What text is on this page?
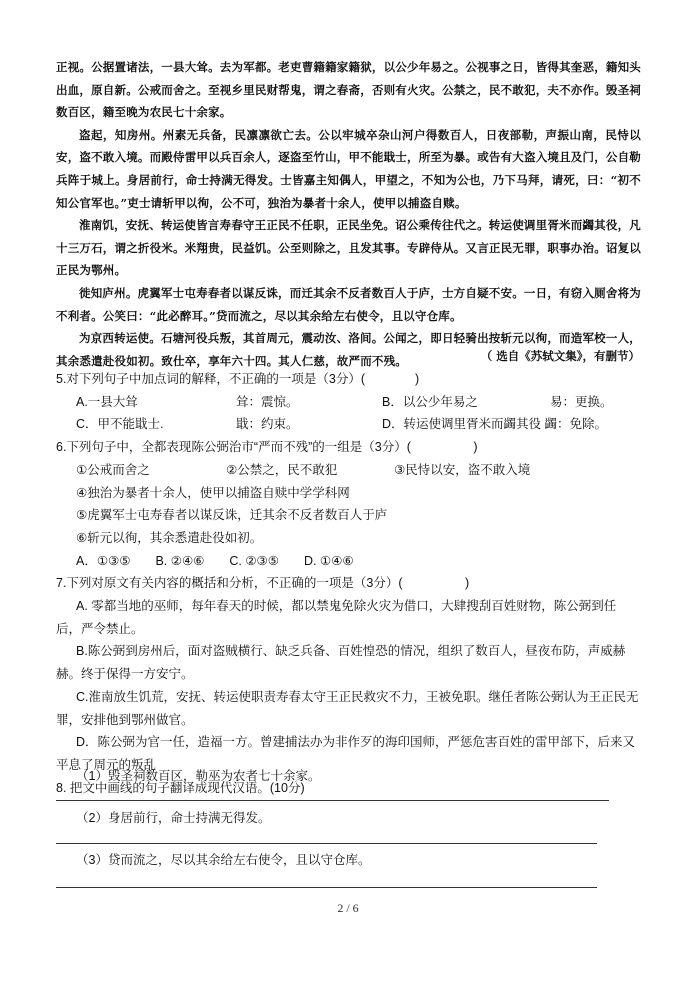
正视。公据置诸法，一县大耸。去为军都。老吏曹籍籍家籍狱，以公少年易之。公视事之日，皆得其奎恶，籍知头出血，原自新。公戒而舍之。至视乡里民财帮鬼，谓之春斋，否则有火灾。公禁之，民不敢犯，夫不亦作。毁圣祠数百区，籍至晚为农民七十余家。

盗起，知房州。州素无兵备，民凛凛欲亡去。公以牢城卒杂山河户得数百人，日夜部勒，声振山南，民恃以安，盗不敢入境。而殿侍雷甲以兵百余人，逐盗至竹山，甲不能戢士，所至为暴。或告有大盗入境且及门，公自勒兵阵于城上。身居前行，命士持满无得发。士皆嘉主知偶人，甲望之，不知为公也，乃下马拜，请死，曰：“初不知公官军也。”吏士请斩甲以徇，公不可，独治为暴者十余人，使甲以捕盗自赎。

淮南饥，安抚、转运使皆言寿春守王正民不任职，正民坐免。诏公乘传往代之。转运使调里胥米而蠲其役，凡十三万石，谓之折役米。米翔贵，民益饥。公至则除之，且发其事。专辟侍从。又言正民无罪，职事办治。诏复以正民为鄂州。

徙知庐州。虎翼军士屯寿春者以谋反诛，而迁其余不反者数百人于庐，士方自疑不安。一日，有窃入厕舍将为不利者。公笑曰：“此必醉耳。”贷而流之，尽以其余给左右使令，且以守仓库。

为京西转运使。石塘河役兵叛，其首周元，震动汝、洛间。公闻之，即日轻骑出按斩元以徇，而造军校一人，其余悉遣赴役如初。致仕卒，享年六十四。其人仁慈，故严而不残。	（ 选自《苏轼文集》，有删节）

5.对下列句子中加点词的解释，不正确的一项是（3分）(　　　　)

A.一县大耸	耸：震惊。	B．以公少年易之	易：更换。

C．甲不能戢士.	戢：约束。	D．转运使调里胥米而蠲其役 蠲：免除。

6.下列句子中，全都表现陈公弼治市“严而不残”的一组是（3分）(　　　　　)

①公戒而舍之	②公禁之，民不敢犯	③民恃以安，盗不敢入境

④独治为暴者十余人，使甲以捕盗自赎中学学科网

⑤虎翼军士屯寿春者以谋反诛，迁其余不反者数百人于庐

⑥斩元以徇，其余悉遣赴役如初。

A．①③⑤　　B. ②④⑥　　C. ②③⑤　　D. ①④⑥

7.下列对原文有关内容的概括和分析，不正确的一项是（3分）(　　　　　)

A. 零都当地的巫师，每年春天的时候，都以禁鬼免除火灾为借口，大肆搜刮百姓财物，陈公弼到任后，严令禁止。

B.陈公弼到房州后，面对盗贼横行、缺乏兵备、百姓惶恐的情况，组织了数百人，昼夜布防，声威赫赫。终于保得一方安宁。

C.淮南放生饥荒，安抚、转运使职责寿春太守王正民救灾不力，王被免职。继任者陈公弼认为王正民无罪，安排他到鄂州做官。

D．陈公弼为官一任，造福一方。曾建捕法办为非作歹的海印国师，严惩危害百姓的雷甲部下，后来又平息了周元的叛乱

8. 把文中画线的句子翻译成现代汉语。(10分)

（1）毁圣祠数百区，勒巫为农者七十余家。
（2）身居前行，命士持满无得发。
（3）贷而流之，尽以其余给左右使令，且以守仓库。
2 / 6
